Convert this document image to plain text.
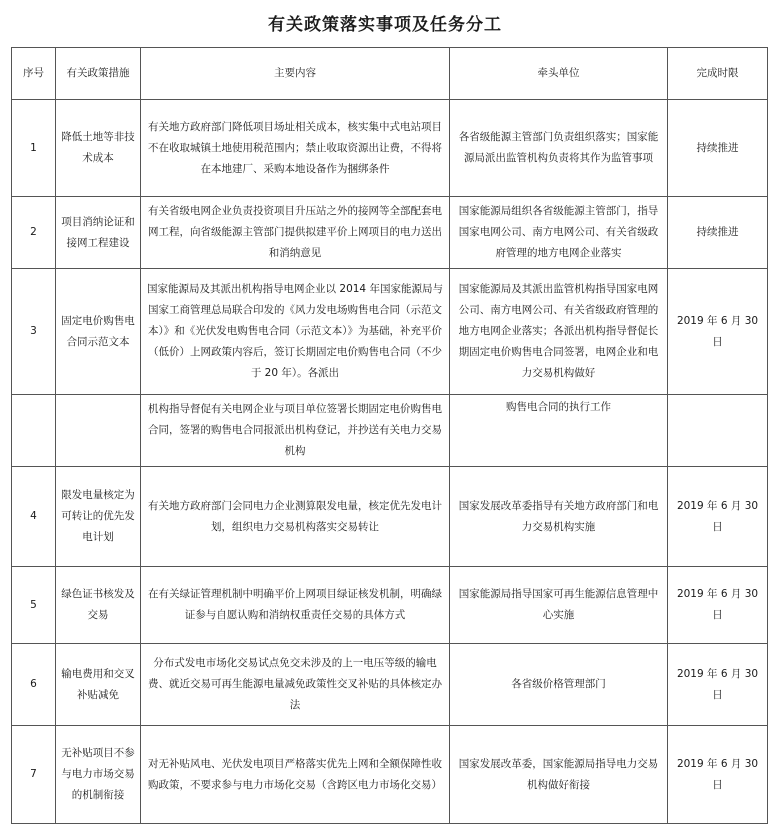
有关政策落实事项及任务分工
序号	有关政策措施	主要内容	牵头单位	完成时限
1	降低土地等非技术成本	有关地方政府部门降低项目场址相关成本，核实集中式电站项目不在收取城镇土地使用税范围内；禁止收取资源出让费，不得将在本地建厂、采购本地设备作为捆绑条件	各省级能源主管部门负责组织落实；国家能源局派出监管机构负责将其作为监管事项	持续推进
2	项目消纳论证和接网工程建设	有关省级电网企业负责投资项目升压站之外的接网等全部配套电网工程，向省级能源主管部门提供拟建平价上网项目的电力送出和消纳意见	国家能源局组织各省级能源主管部门，指导国家电网公司、南方电网公司、有关省级政府管理的地方电网企业落实	持续推进
3	固定电价购售电合同示范文本	国家能源局及其派出机构指导电网企业以 2014 年国家能源局与国家工商管理总局联合印发的《风力发电场购售电合同（示范文本）》和《光伏发电购售电合同（示范文本）》为基础，补充平价（低价）上网政策内容后，签订长期固定电价购售电合同（不少于 20 年）。各派出	国家能源局及其派出监管机构指导国家电网公司、南方电网公司、有关省级政府管理的地方电网企业落实；各派出机构指导督促长期固定电价购售电合同签署，电网企业和电力交易机构做好	2019 年 6 月 30 日
		机构指导督促有关电网企业与项目单位签署长期固定电价购售电合同，签署的购售电合同报派出机构登记，并抄送有关电力交易机构	购售电合同的执行工作	
4	限发电量核定为可转让的优先发电计划	有关地方政府部门会同电力企业测算限发电量，核定优先发电计划，组织电力交易机构落实交易转让	国家发展改革委指导有关地方政府部门和电力交易机构实施	2019 年 6 月 30 日
5	绿色证书核发及交易	在有关绿证管理机制中明确平价上网项目绿证核发机制，明确绿证参与自愿认购和消纳权重责任交易的具体方式	国家能源局指导国家可再生能源信息管理中心实施	2019 年 6 月 30 日
6	输电费用和交叉补贴减免	分布式发电市场化交易试点免交未涉及的上一电压等级的输电费、就近交易可再生能源电量减免政策性交叉补贴的具体核定办法	各省级价格管理部门	2019 年 6 月 30 日
7	无补贴项目不参与电力市场交易的机制衔接	对无补贴风电、光伏发电项目严格落实优先上网和全额保障性收购政策，不要求参与电力市场化交易（含跨区电力市场化交易）	国家发展改革委，国家能源局指导电力交易机构做好衔接	2019 年 6 月 30 日
